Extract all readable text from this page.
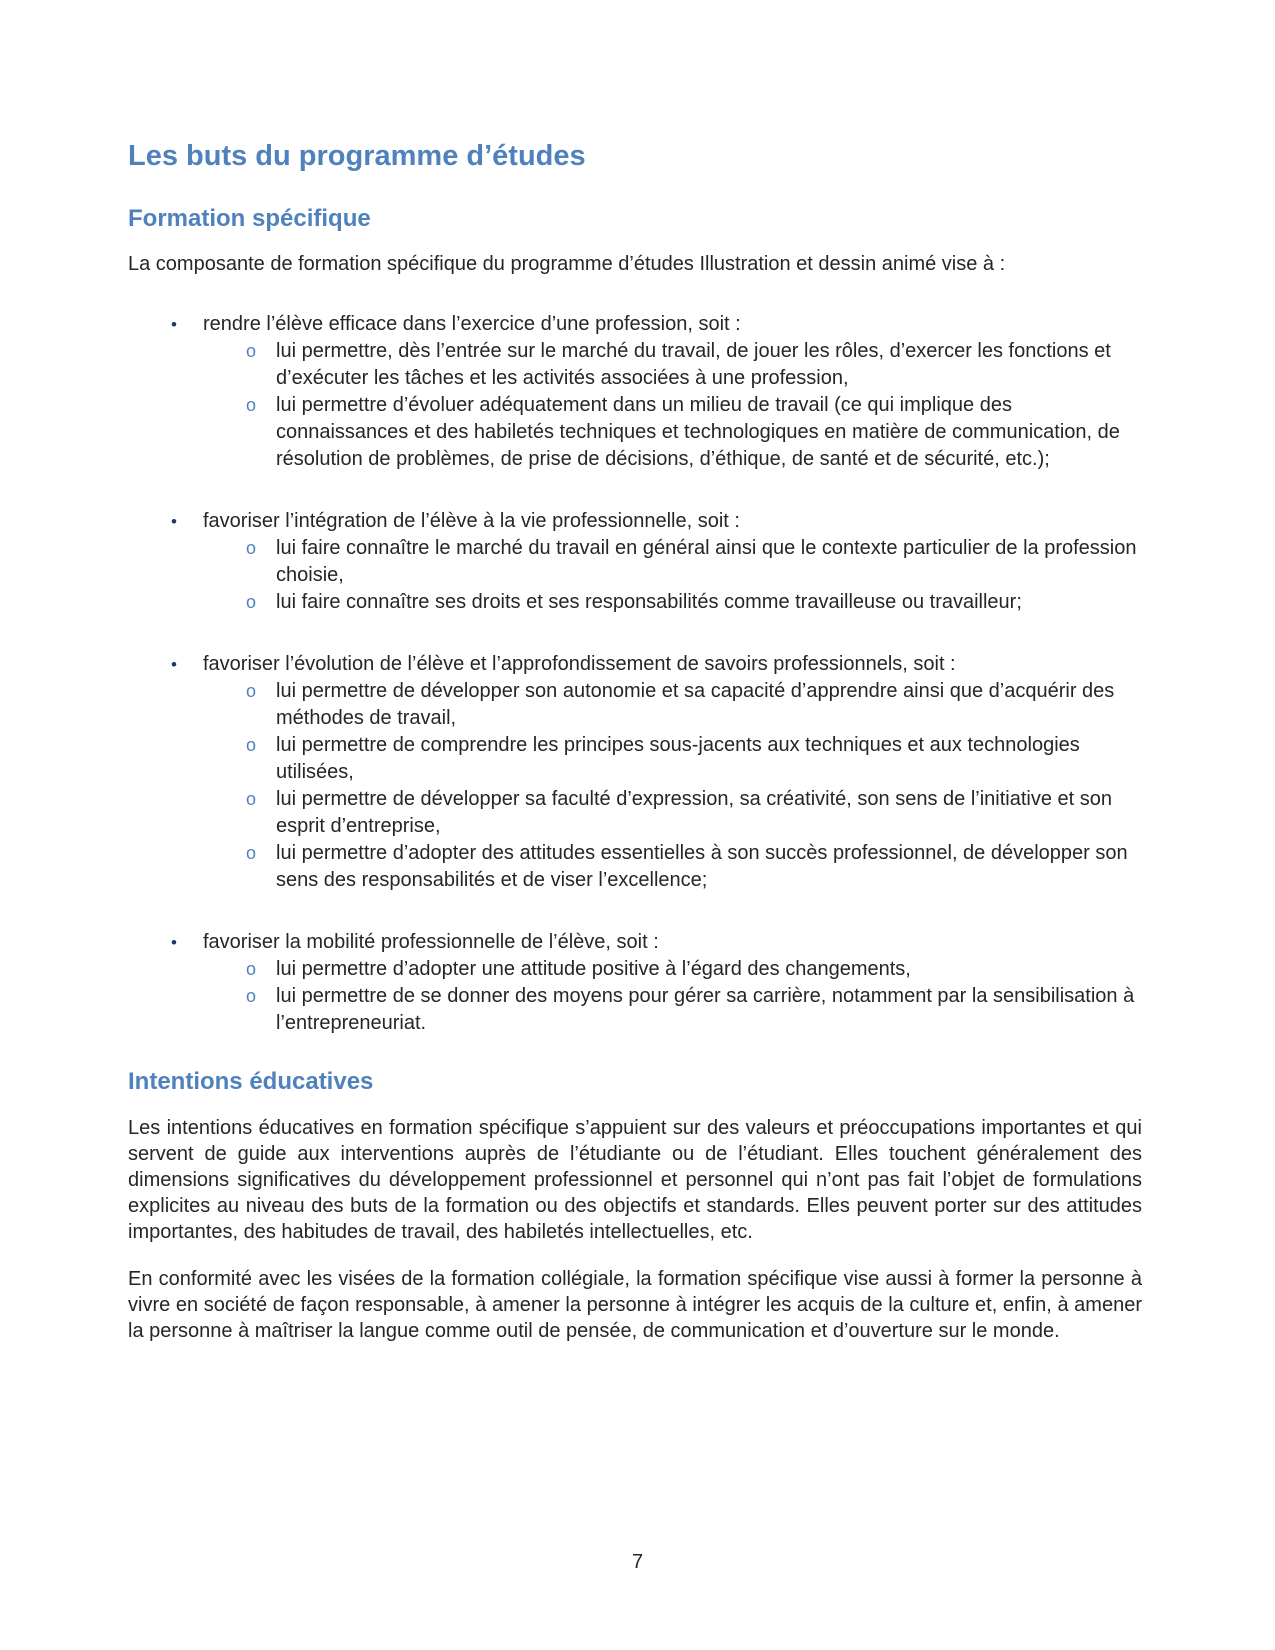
Les buts du programme d’études
Formation spécifique

La composante de formation spécifique du programme d’études Illustration et dessin animé vise à :

•	rendre l’élève efficace dans l’exercice d’une profession, soit :
o lui permettre, dès l’entrée sur le marché du travail, de jouer les rôles, d’exercer les fonctions et d’exécuter les tâches et les activités associées à une profession,
o lui permettre d’évoluer adéquatement dans un milieu de travail (ce qui implique des connaissances et des habiletés techniques et technologiques en matière de communication, de résolution de problèmes, de prise de décisions, d’éthique, de santé et de sécurité, etc.);
•	favoriser l’intégration de l’élève à la vie professionnelle, soit :
o lui faire connaître le marché du travail en général ainsi que le contexte particulier de la profession choisie,
o lui faire connaître ses droits et ses responsabilités comme travailleuse ou travailleur;
•	favoriser l’évolution de l’élève et l’approfondissement de savoirs professionnels, soit :
o lui permettre de développer son autonomie et sa capacité d’apprendre ainsi que d’acquérir des méthodes de travail,
o lui permettre de comprendre les principes sous-jacents aux techniques et aux technologies utilisées,
o lui permettre de développer sa faculté d’expression, sa créativité, son sens de l’initiative et son esprit d’entreprise,
o lui permettre d’adopter des attitudes essentielles à son succès professionnel, de développer son sens des responsabilités et de viser l’excellence;
•	favoriser la mobilité professionnelle de l’élève, soit :
o lui permettre d’adopter une attitude positive à l’égard des changements,
o lui permettre de se donner des moyens pour gérer sa carrière, notamment par la sensibilisation à l’entrepreneuriat.
Intentions éducatives

Les intentions éducatives en formation spécifique s’appuient sur des valeurs et préoccupations importantes et qui servent de guide aux interventions auprès de l’étudiante ou de l’étudiant. Elles touchent généralement des dimensions significatives du développement professionnel et personnel qui n’ont pas fait l’objet de formulations explicites au niveau des buts de la formation ou des objectifs et standards. Elles peuvent porter sur des attitudes importantes, des habitudes de travail, des habiletés intellectuelles, etc.

En conformité avec les visées de la formation collégiale, la formation spécifique vise aussi à former la personne à vivre en société de façon responsable, à amener la personne à intégrer les acquis de la culture et, enfin, à amener la personne à maîtriser la langue comme outil de pensée, de communication et d’ouverture sur le monde.

7
